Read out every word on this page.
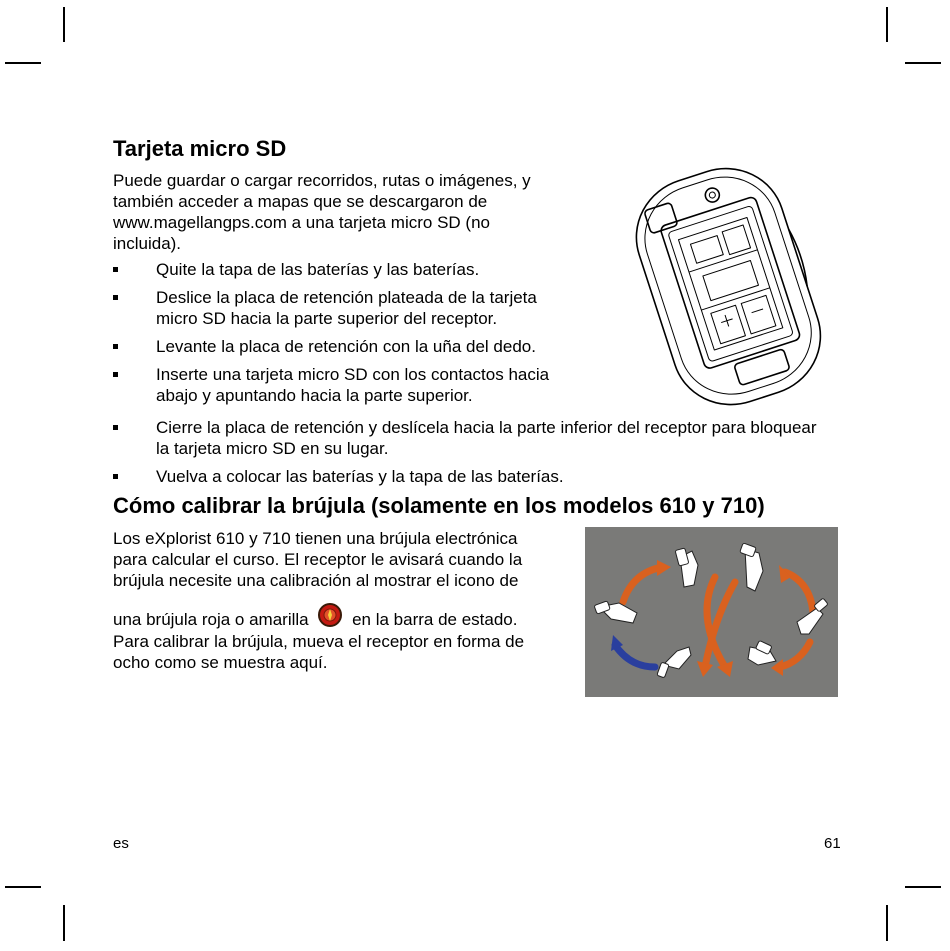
Tarjeta micro SD
Puede guardar o cargar recorridos, rutas o imágenes, y
también acceder a mapas que se descargaron de
www.magellangps.com a una tarjeta micro SD (no
incluida).
Quite la tapa de las baterías y las baterías.
Deslice la placa de retención plateada de la tarjeta
micro SD hacia la parte superior del receptor.
Levante la placa de retención con la uña del dedo.
Inserte una tarjeta micro SD con los contactos hacia
abajo y apuntando hacia la parte superior.
Cierre la placa de retención y deslícela hacia la parte inferior del receptor para bloquear
la tarjeta micro SD en su lugar.
Vuelva a colocar las baterías y la tapa de las baterías.
Cómo calibrar la brújula (solamente en los modelos 610 y 710)
Los eXplorist 610 y 710 tienen una brújula electrónica
para calcular el curso. El receptor le avisará cuando la
brújula necesite una calibración al mostrar el icono de
una brújula roja o amarilla	en la barra de estado.
Para calibrar la brújula, mueva el receptor en forma de
ocho como se muestra aquí.
es	61
